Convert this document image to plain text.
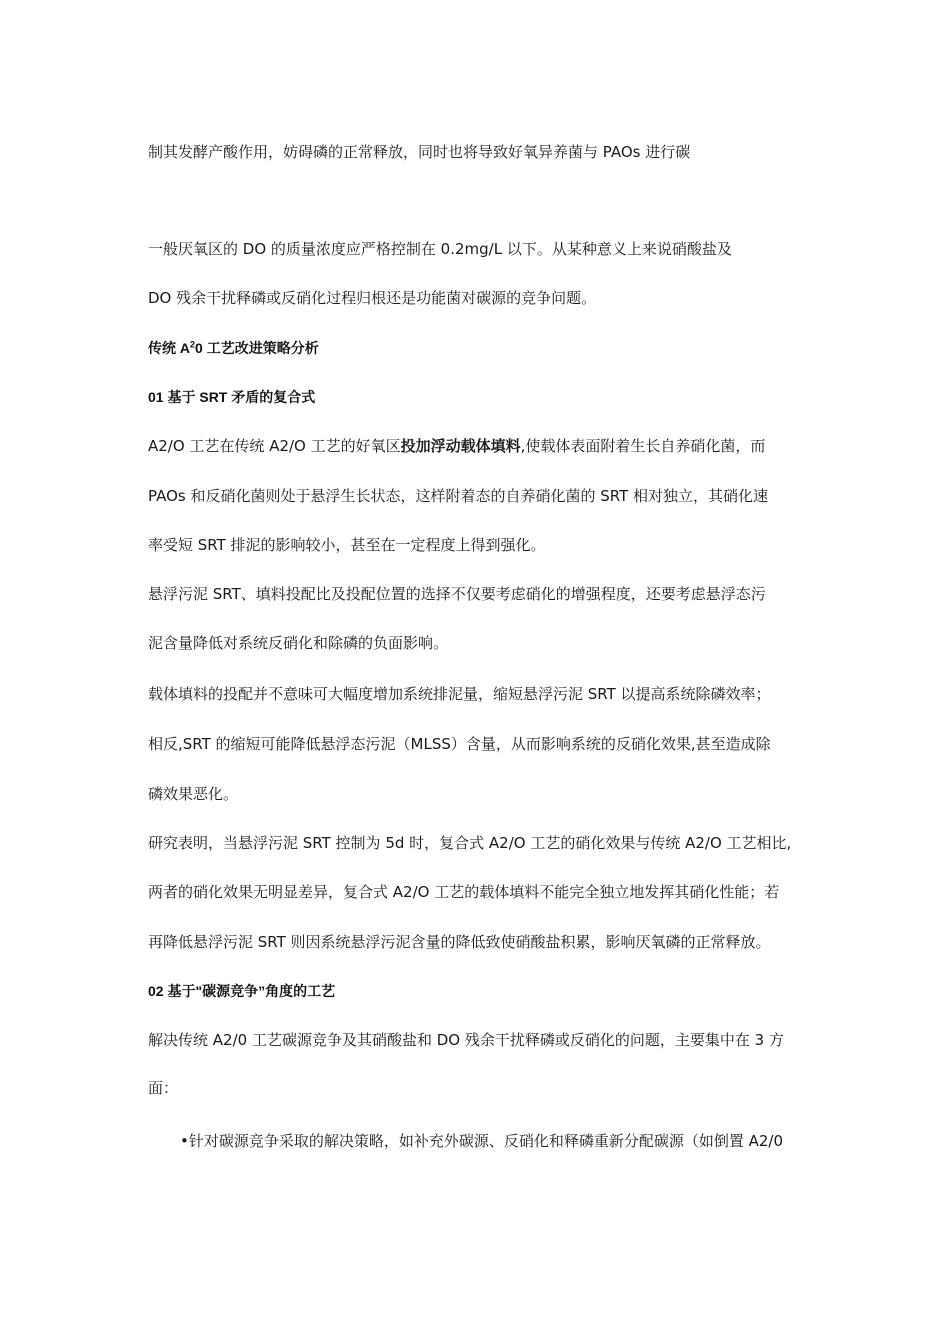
制其发酵产酸作用，妨碍磷的正常释放，同时也将导致好氧异养菌与 PAOs 进行碳
一般厌氧区的 DO 的质量浓度应严格控制在 0.2mg/L 以下。从某种意义上来说硝酸盐及
DO 残余干扰释磷或反硝化过程归根还是功能菌对碳源的竞争问题。
传统 $A^20$ 工艺改进策略分析
01 基于 SRT 矛盾的复合式
A2/O 工艺在传统 A2/O 工艺的好氧区投加浮动载体填料,使载体表面附着生长自养硝化菌，而
PAOs 和反硝化菌则处于悬浮生长状态，这样附着态的自养硝化菌的 SRT 相对独立，其硝化速
率受短 SRT 排泥的影响较小，甚至在一定程度上得到强化。
悬浮污泥 SRT、填料投配比及投配位置的选择不仅要考虑硝化的增强程度，还要考虑悬浮态污
泥含量降低对系统反硝化和除磷的负面影响。
载体填料的投配并不意味可大幅度增加系统排泥量，缩短悬浮污泥 SRT 以提高系统除磷效率；
相反,SRT 的缩短可能降低悬浮态污泥（MLSS）含量，从而影响系统的反硝化效果,甚至造成除
磷效果恶化。
研究表明，当悬浮污泥 SRT 控制为 5d 时，复合式 A2/O 工艺的硝化效果与传统 A2/O 工艺相比,
两者的硝化效果无明显差异，复合式 A2/O 工艺的载体填料不能完全独立地发挥其硝化性能；若
再降低悬浮污泥 SRT 则因系统悬浮污泥含量的降低致使硝酸盐积累，影响厌氧磷的正常释放。
02 基于"碳源竞争”角度的工艺
解决传统 A2/0 工艺碳源竞争及其硝酸盐和 DO 残余干扰释磷或反硝化的问题，主要集中在 3 方
面：
•针对碳源竞争采取的解决策略，如补充外碳源、反硝化和释磷重新分配碳源（如倒置 A2/0
